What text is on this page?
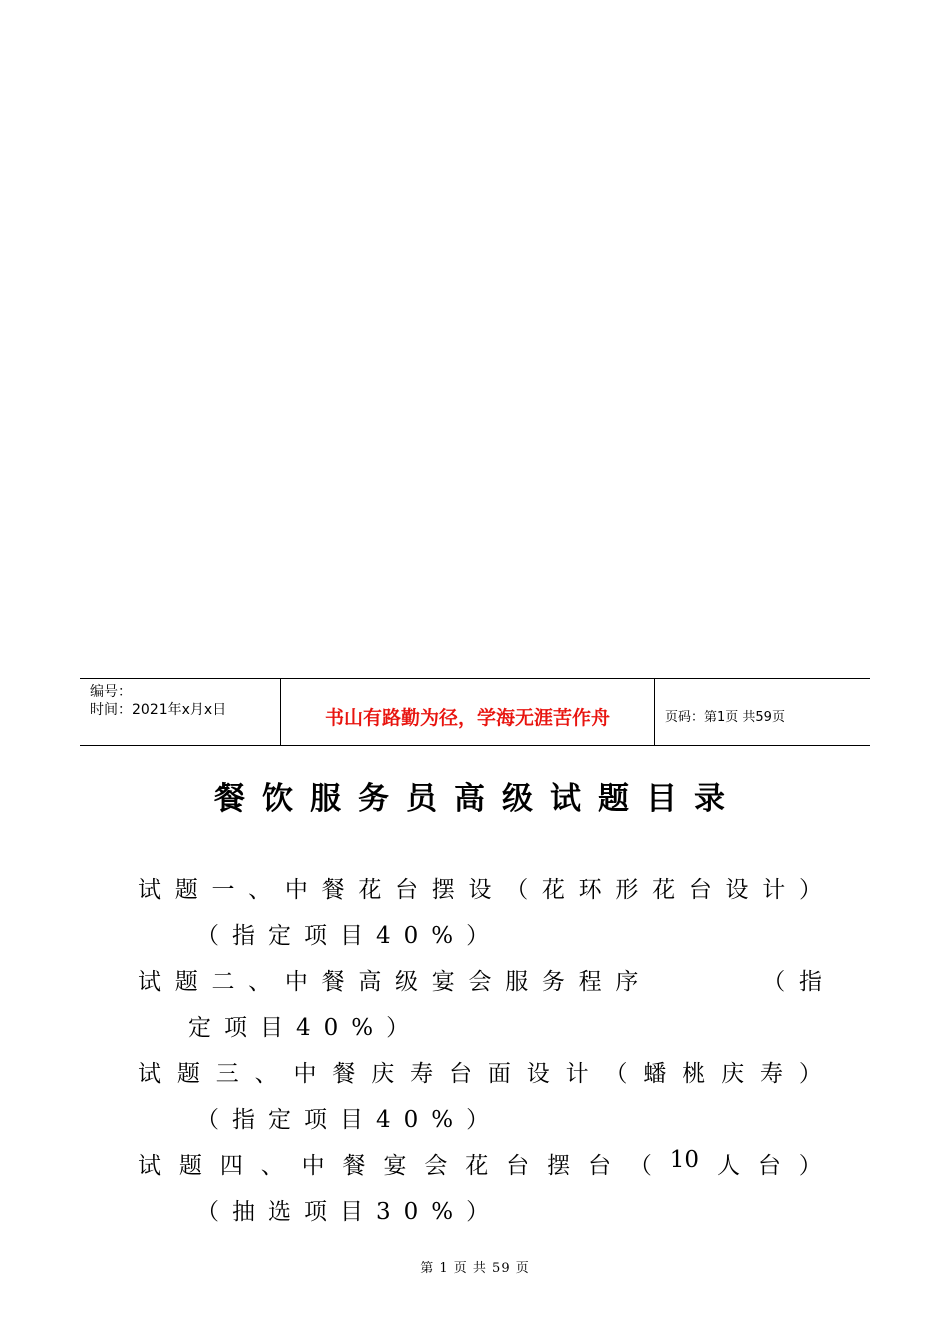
编号：
时间：2021年x月x日	书山有路勤为径，学海无涯苦作舟	页码：第1页 共59页
餐饮服务员高级试题目录
试 题 一 、 中 餐 花 台 摆 设 （ 花 环 形 花 台 设 计 ）
（指定项目40%）
试 题 二 、 中 餐 高 级 宴 会 服 务 程 序	（ 指
定项目40%）
试 题 三 、 中 餐 庆 寿 台 面 设 计 （ 蟠 桃 庆 寿 ）
（指定项目40%）
试 题 四 、 中 餐 宴 会 花 台 摆 台 （ 10 人 台 ）
（抽选项目30%）
第 1 页 共 59 页
